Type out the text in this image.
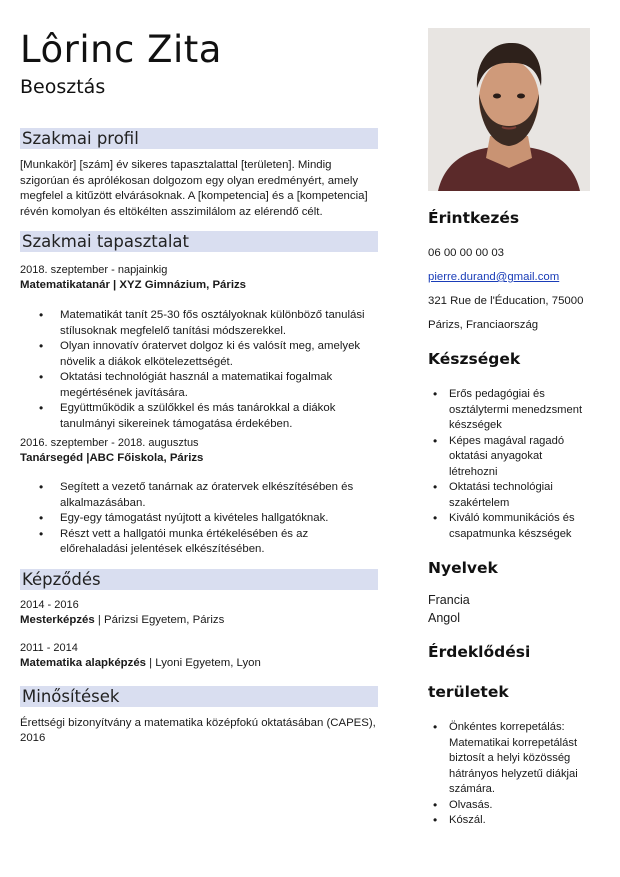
Lôrinc Zita
Beosztás
Szakmai profil

[Munkakör] [szám] év sikeres tapasztalattal [területen]. Mindig szigorúan és aprólékosan dolgozom egy olyan eredményért, amely megfelel a kitűzött elvárásoknak. A [kompetencia] és a [kompetencia] révén komolyan és eltökélten asszimilálom az elérendő célt.

Szakmai tapasztalat
2018. szeptember - napjainkig
Matematikatanár | XYZ Gimnázium, Párizs
• Matematikát tanít 25-30 fős osztályoknak különböző tanulási stílusoknak megfelelő tanítási módszerekkel.
• Olyan innovatív óratervet dolgoz ki és valósít meg, amelyek növelik a diákok elkötelezettségét.
• Oktatási technológiát használ a matematikai fogalmak megértésének javítására.
• Együttműködik a szülőkkel és más tanárokkal a diákok tanulmányi sikereinek támogatása érdekében.
2016. szeptember - 2018. augusztus
Tanársegéd |ABC Főiskola, Párizs
• Segített a vezető tanárnak az óratervek elkészítésében és alkalmazásában.
• Egy-egy támogatást nyújtott a kivételes hallgatóknak.
• Részt vett a hallgatói munka értékelésében és az előrehaladási jelentések elkészítésében.
Képződés
2014 - 2016
Mesterképzés | Párizsi Egyetem, Párizs
2011 - 2014
Matematika alapképzés | Lyoni Egyetem, Lyon
Minősítések

Érettségi bizonyítvány a matematika középfokú oktatásában (CAPES), 2016

Érintkezés
06 00 00 00 03
pierre.durand@gmail.com
321 Rue de l'Éducation, 75000
Párizs, Franciaország
Készségek
• Erős pedagógiai és osztálytermi menedzsment készségek
• Képes magával ragadó oktatási anyagokat létrehozni
• Oktatási technológiai szakértelem
• Kiváló kommunikációs és csapatmunka készségek
Nyelvek
Francia
Angol
Érdeklődési
területek
• Önkéntes korrepetálás: Matematikai korrepetálást biztosít a helyi közösség hátrányos helyzetű diákjai számára.
• Olvasás.
• Kószál.
